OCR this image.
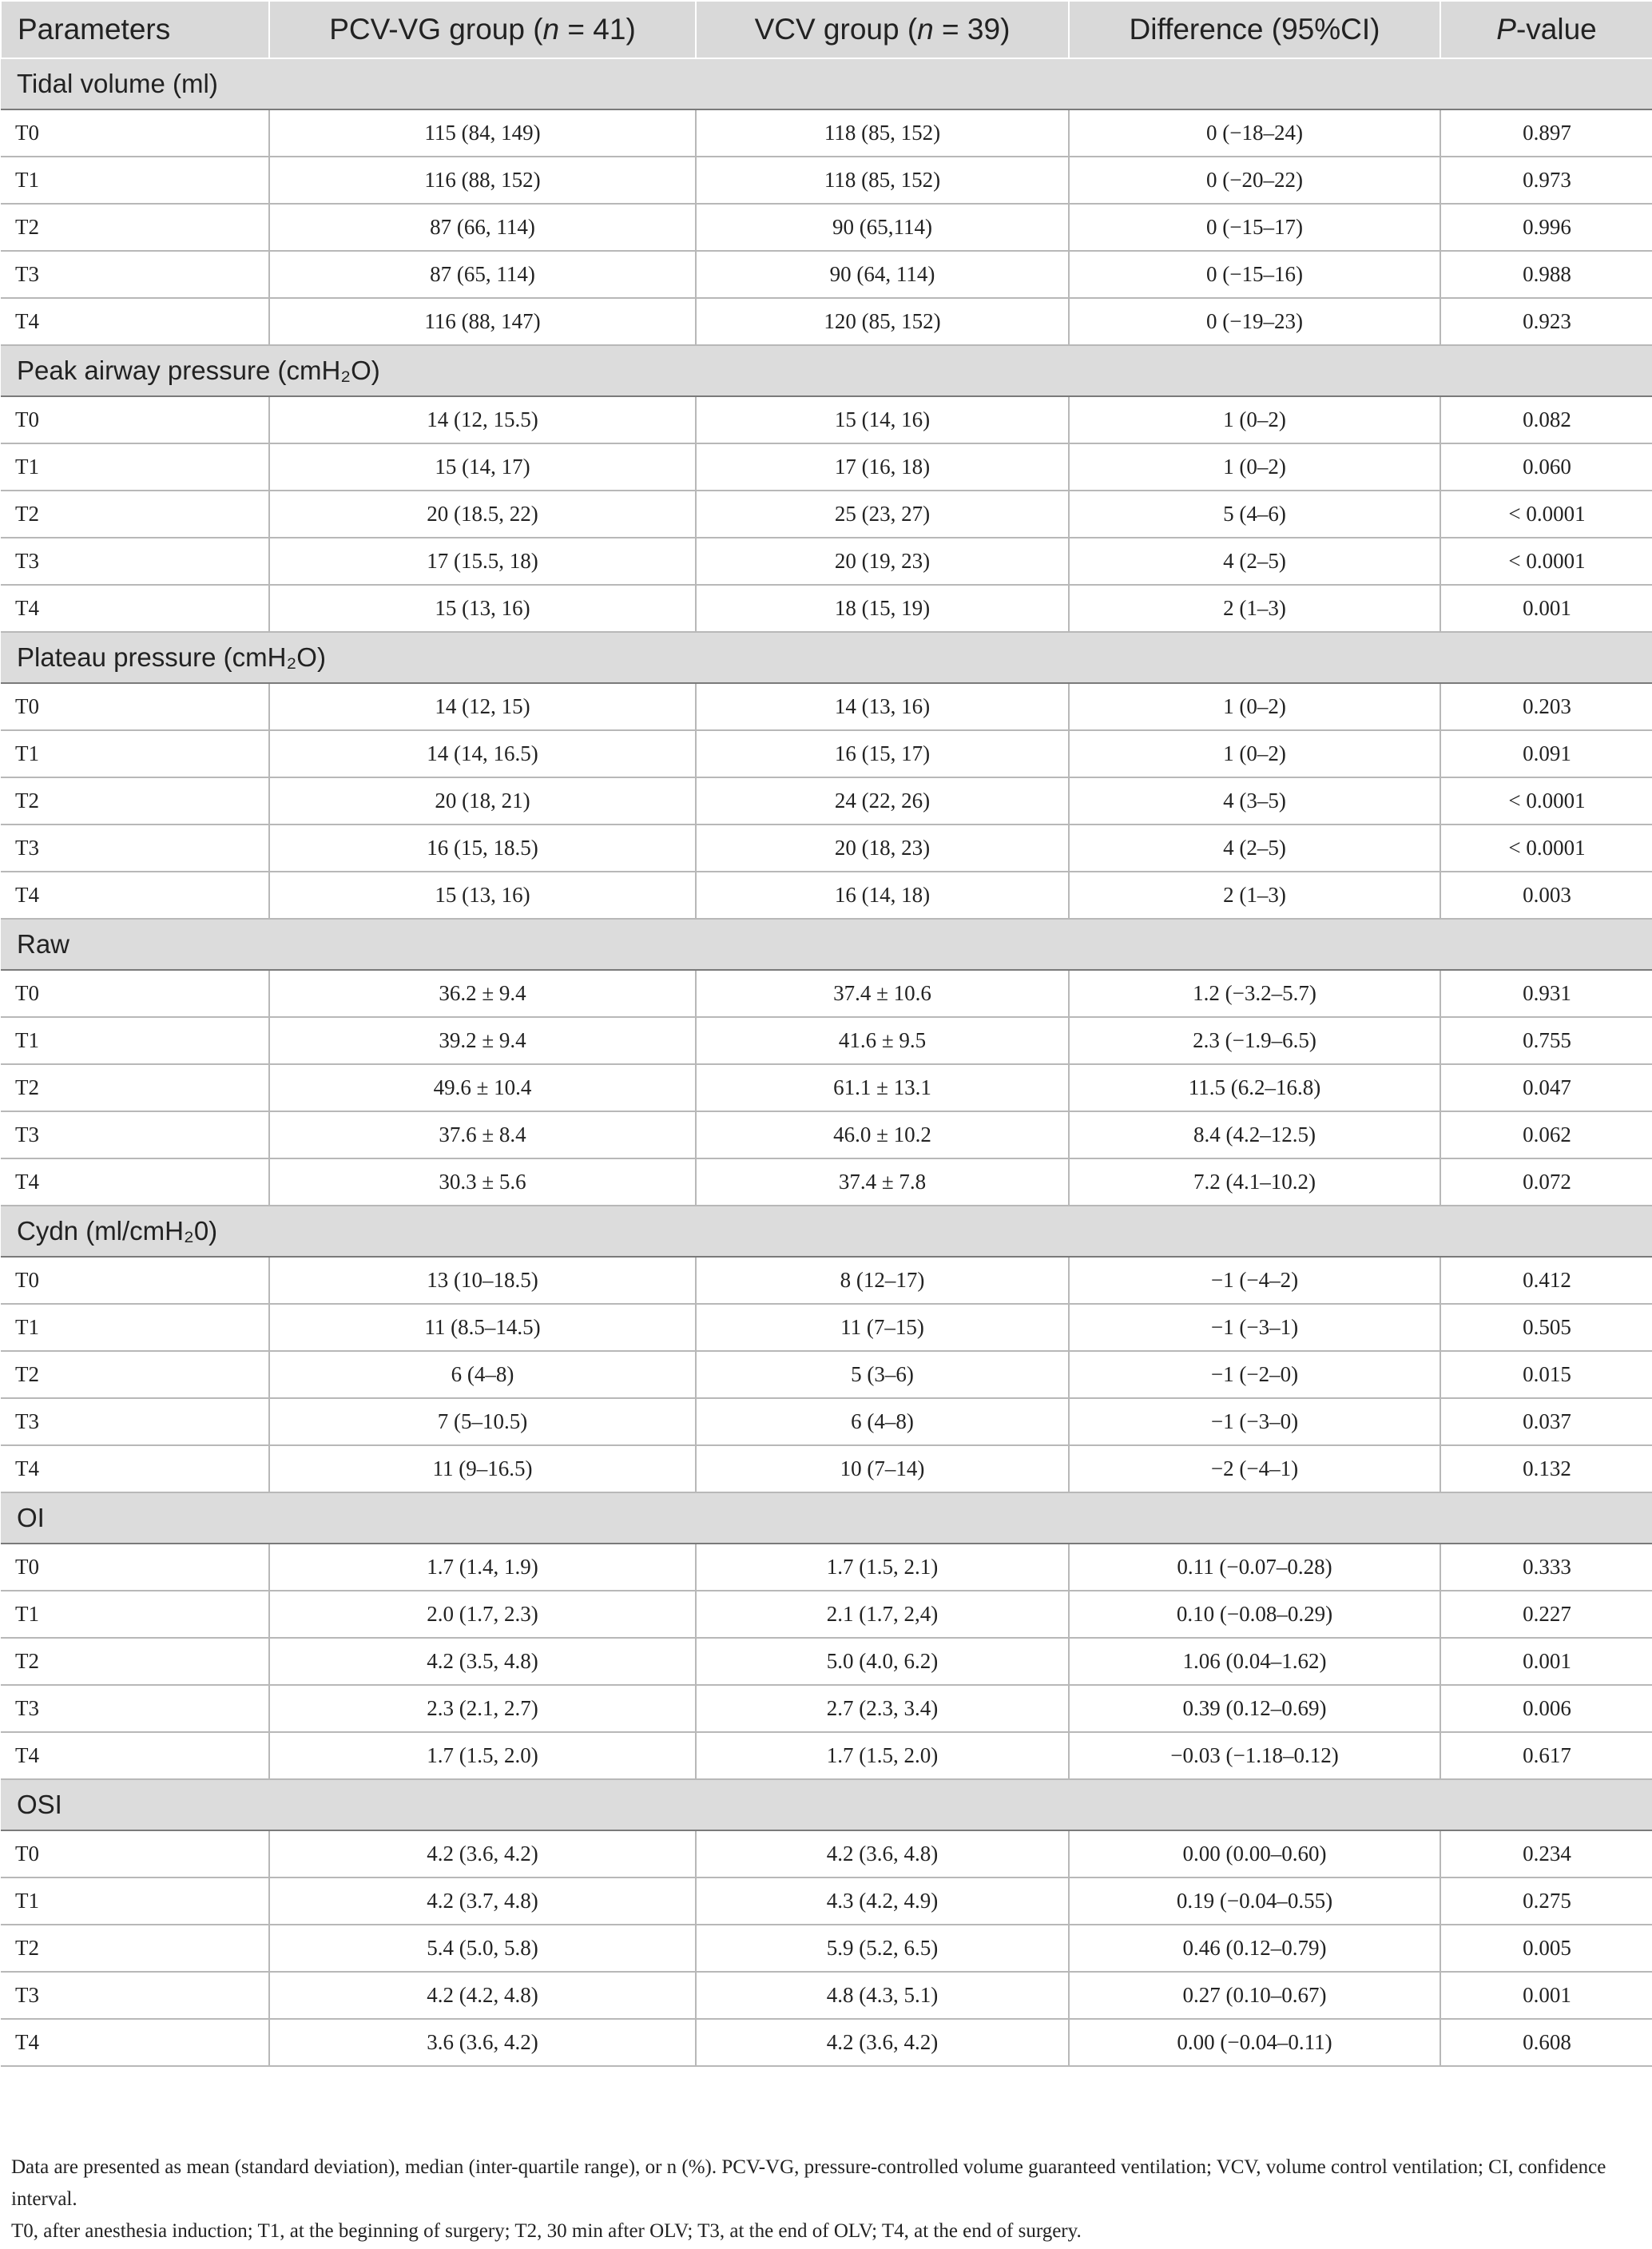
Parameters	PCV-VG group (n = 41)	VCV group (n = 39)	Difference (95%CI)	P-value
Tidal volume (ml)				
T0	115 (84, 149)	118 (85, 152)	0 (−18–24)	0.897
T1	116 (88, 152)	118 (85, 152)	0 (−20–22)	0.973
T2	87 (66, 114)	90 (65,114)	0 (−15–17)	0.996
T3	87 (65, 114)	90 (64, 114)	0 (−15–16)	0.988
T4	116 (88, 147)	120 (85, 152)	0 (−19–23)	0.923
Peak airway pressure (cmH₂O)				
T0	14 (12, 15.5)	15 (14, 16)	1 (0–2)	0.082
T1	15 (14, 17)	17 (16, 18)	1 (0–2)	0.060
T2	20 (18.5, 22)	25 (23, 27)	5 (4–6)	< 0.0001
T3	17 (15.5, 18)	20 (19, 23)	4 (2–5)	< 0.0001
T4	15 (13, 16)	18 (15, 19)	2 (1–3)	0.001
Plateau pressure (cmH₂O)				
T0	14 (12, 15)	14 (13, 16)	1 (0–2)	0.203
T1	14 (14, 16.5)	16 (15, 17)	1 (0–2)	0.091
T2	20 (18, 21)	24 (22, 26)	4 (3–5)	< 0.0001
T3	16 (15, 18.5)	20 (18, 23)	4 (2–5)	< 0.0001
T4	15 (13, 16)	16 (14, 18)	2 (1–3)	0.003
Raw				
T0	36.2 ± 9.4	37.4 ± 10.6	1.2 (−3.2–5.7)	0.931
T1	39.2 ± 9.4	41.6 ± 9.5	2.3 (−1.9–6.5)	0.755
T2	49.6 ± 10.4	61.1 ± 13.1	11.5 (6.2–16.8)	0.047
T3	37.6 ± 8.4	46.0 ± 10.2	8.4 (4.2–12.5)	0.062
T4	30.3 ± 5.6	37.4 ± 7.8	7.2 (4.1–10.2)	0.072
Cydn (ml/cmH₂0)				
T0	13 (10–18.5)	8 (12–17)	−1 (−4–2)	0.412
T1	11 (8.5–14.5)	11 (7–15)	−1 (−3–1)	0.505
T2	6 (4–8)	5 (3–6)	−1 (−2–0)	0.015
T3	7 (5–10.5)	6 (4–8)	−1 (−3–0)	0.037
T4	11 (9–16.5)	10 (7–14)	−2 (−4–1)	0.132
OI				
T0	1.7 (1.4, 1.9)	1.7 (1.5, 2.1)	0.11 (−0.07–0.28)	0.333
T1	2.0 (1.7, 2.3)	2.1 (1.7, 2,4)	0.10 (−0.08–0.29)	0.227
T2	4.2 (3.5, 4.8)	5.0 (4.0, 6.2)	1.06 (0.04–1.62)	0.001
T3	2.3 (2.1, 2.7)	2.7 (2.3, 3.4)	0.39 (0.12–0.69)	0.006
T4	1.7 (1.5, 2.0)	1.7 (1.5, 2.0)	−0.03 (−1.18–0.12)	0.617
OSI				
T0	4.2 (3.6, 4.2)	4.2 (3.6, 4.8)	0.00 (0.00–0.60)	0.234
T1	4.2 (3.7, 4.8)	4.3 (4.2, 4.9)	0.19 (−0.04–0.55)	0.275
T2	5.4 (5.0, 5.8)	5.9 (5.2, 6.5)	0.46 (0.12–0.79)	0.005
T3	4.2 (4.2, 4.8)	4.8 (4.3, 5.1)	0.27 (0.10–0.67)	0.001
T4	3.6 (3.6, 4.2)	4.2 (3.6, 4.2)	0.00 (−0.04–0.11)	0.608

Data are presented as mean (standard deviation), median (inter-quartile range), or n (%). PCV-VG, pressure-controlled volume guaranteed ventilation; VCV, volume control ventilation; CI, confidence interval.

T0, after anesthesia induction; T1, at the beginning of surgery; T2, 30 min after OLV; T3, at the end of OLV; T4, at the end of surgery.
